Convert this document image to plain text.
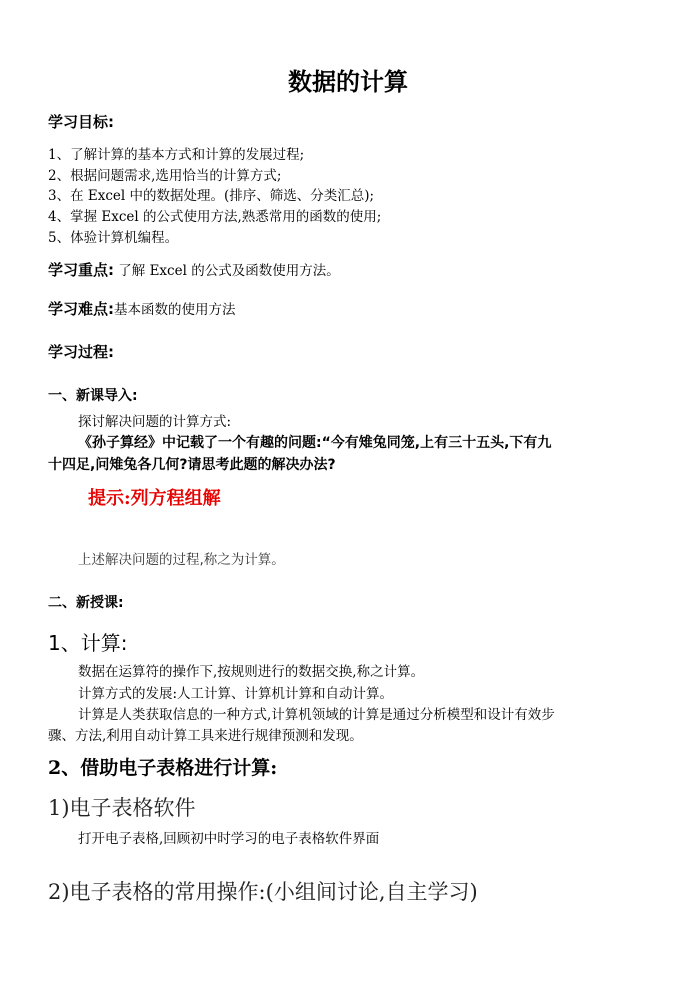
数据的计算
学习目标:
1、了解计算的基本方式和计算的发展过程;
2、根据问题需求,选用恰当的计算方式;
3、在 Excel 中的数据处理。(排序、筛选、分类汇总);
4、掌握 Excel 的公式使用方法,熟悉常用的函数的使用;
5、体验计算机编程。
学习重点: 了解 Excel 的公式及函数使用方法。
学习难点:基本函数的使用方法
学习过程:
一、新课导入:
探讨解决问题的计算方式:
《孙子算经》中记载了一个有趣的问题:“今有雉兔同笼,上有三十五头,下有九
十四足,问雉兔各几何?请思考此题的解决办法?
提示:列方程组解
上述解决问题的过程,称之为计算。
二、新授课:
1、计算:
数据在运算符的操作下,按规则进行的数据交换,称之计算。
计算方式的发展:人工计算、计算机计算和自动计算。
计算是人类获取信息的一种方式,计算机领域的计算是通过分析模型和设计有效步
骤、方法,利用自动计算工具来进行规律预测和发现。
2、借助电子表格进行计算:
1)电子表格软件
打开电子表格,回顾初中时学习的电子表格软件界面
2)电子表格的常用操作:(小组间讨论,自主学习)
